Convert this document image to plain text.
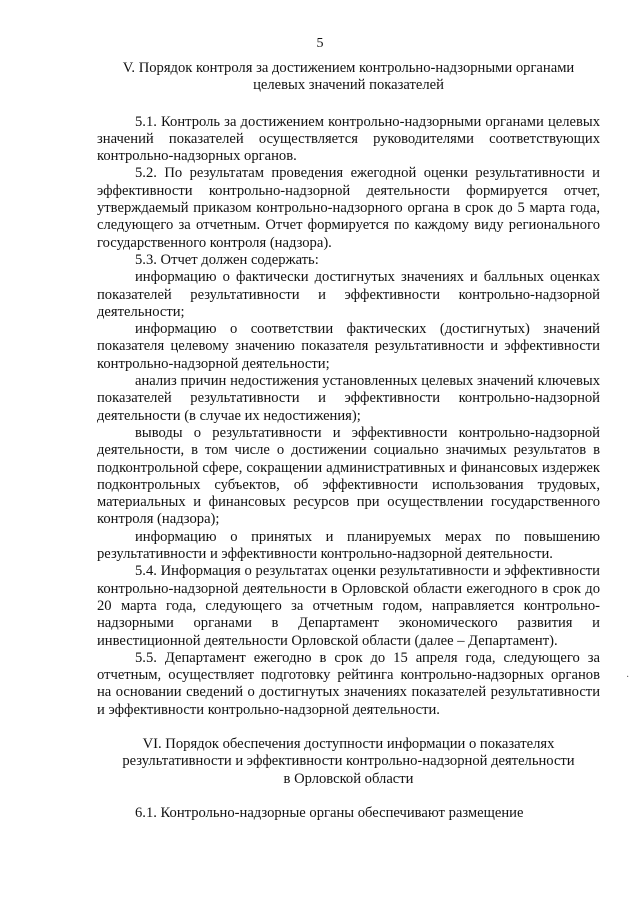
5
V. Порядок контроля за достижением контрольно-надзорными органами
целевых значений показателей

5.1. Контроль за достижением контрольно-надзорными органами целевых значений показателей осуществляется руководителями соответствующих контрольно-надзорных органов.

5.2. По результатам проведения ежегодной оценки результативности и эффективности контрольно-надзорной деятельности формируется отчет, утверждаемый приказом контрольно-надзорного органа в срок до 5 марта года, следующего за отчетным. Отчет формируется по каждому виду регионального государственного контроля (надзора).

5.3. Отчет должен содержать:

информацию о фактически достигнутых значениях и балльных оценках показателей результативности и эффективности контрольно-надзорной деятельности;

информацию о соответствии фактических (достигнутых) значений показателя целевому значению показателя результативности и эффективности контрольно-надзорной деятельности;

анализ причин недостижения установленных целевых значений ключевых показателей результативности и эффективности контрольно-надзорной деятельности (в случае их недостижения);

выводы о результативности и эффективности контрольно-надзорной деятельности, в том числе о достижении социально значимых результатов в подконтрольной сфере, сокращении административных и финансовых издержек подконтрольных субъектов, об эффективности использования трудовых, материальных и финансовых ресурсов при осуществлении государственного контроля (надзора);

информацию о принятых и планируемых мерах по повышению результативности и эффективности контрольно-надзорной деятельности.

5.4. Информация о результатах оценки результативности и эффективности контрольно-надзорной деятельности в Орловской области ежегодного в срок до 20 марта года, следующего за отчетным годом, направляется контрольно-надзорными органами в Департамент экономического развития и инвестиционной деятельности Орловской области (далее – Департамент).

5.5. Департамент ежегодно в срок до 15 апреля года, следующего за отчетным, осуществляет подготовку рейтинга контрольно-надзорных органов на основании сведений о достигнутых значениях показателей результативности и эффективности контрольно-надзорной деятельности.

VI. Порядок обеспечения доступности информации о показателях
результативности и эффективности контрольно-надзорной деятельности
в Орловской области

6.1. Контрольно-надзорные органы обеспечивают размещение

·
